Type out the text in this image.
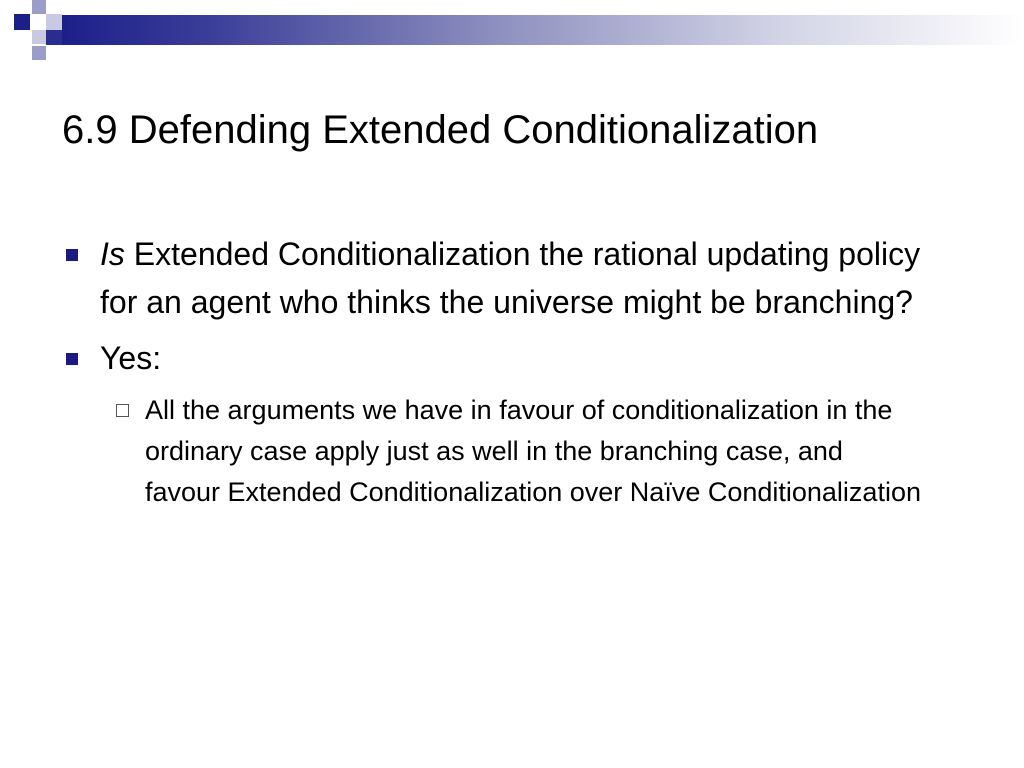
6.9 Defending Extended Conditionalization
Is Extended Conditionalization the rational updating policy for an agent who thinks the universe might be branching?
Yes:
All the arguments we have in favour of conditionalization in the ordinary case apply just as well in the branching case, and favour Extended Conditionalization over Naïve Conditionalization
